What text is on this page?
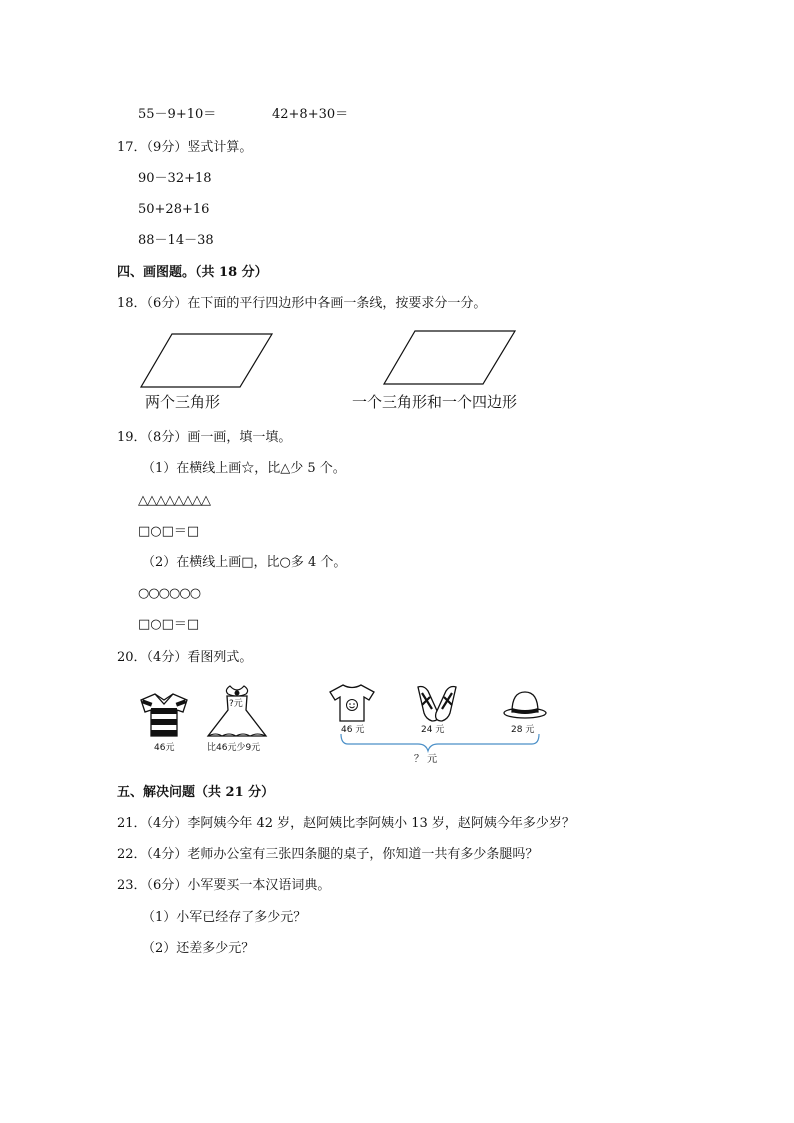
55－9+10＝	42+8+30＝
17．（9分）竖式计算。
90－32+18
50+28+16
88－14－38
四、画图题。（共 18 分）
18．（6分）在下面的平行四边形中各画一条线，按要求分一分。
两个三角形	一个三角形和一个四边形
19．（8分）画一画，填一填。
（1）在横线上画☆，比△少 5 个。
△△△△△△△△
□○□＝□
（2）在横线上画□，比○多 4 个。
○○○○○○
□○□＝□
20．（4分）看图列式。
46元
?元
比46元少9元
46 元	24 元	28 元
？ 元
五、解决问题（共 21 分）
21．（4分）李阿姨今年 42 岁，赵阿姨比李阿姨小 13 岁，赵阿姨今年多少岁？
22．（4分）老师办公室有三张四条腿的桌子，你知道一共有多少条腿吗？
23．（6分）小军要买一本汉语词典。
（1）小军已经存了多少元？
（2）还差多少元？
